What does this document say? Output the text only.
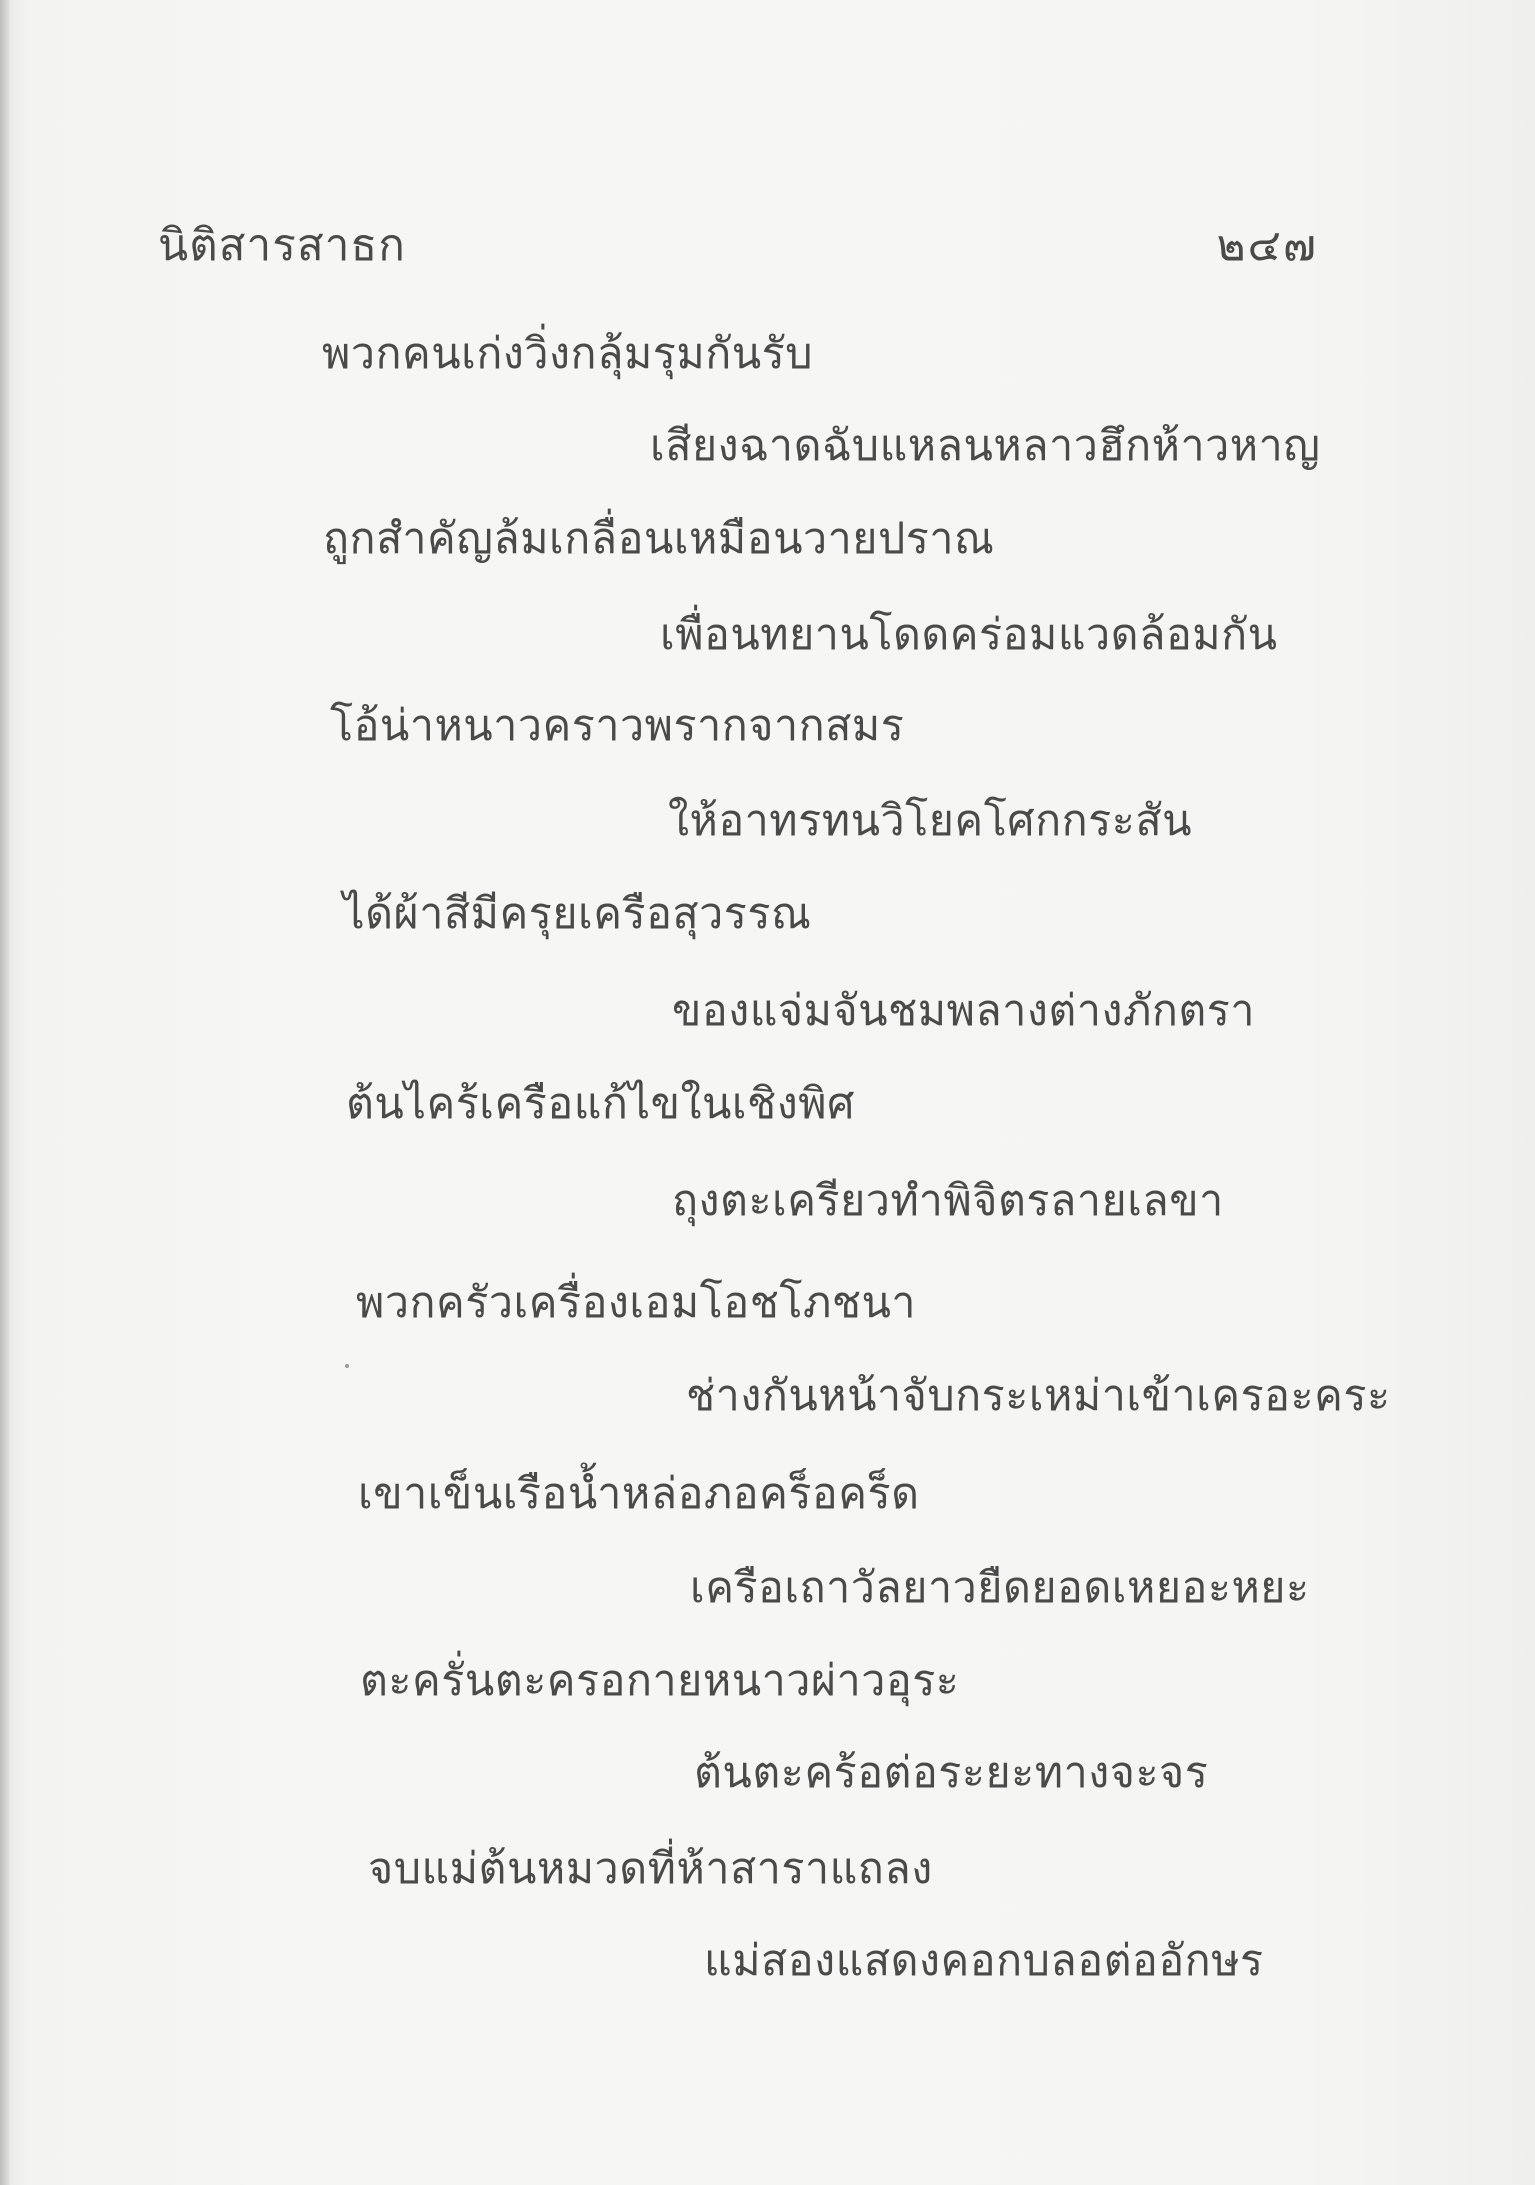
นิติสารสาธก	๒๔๗
พวกคนเก่งวิ่งกลุ้มรุมกันรับ
เสียงฉาดฉับแหลนหลาวฮึกห้าวหาญ
ถูกสำคัญล้มเกลื่อนเหมือนวายปราณ
เพื่อนทยานโดดคร่อมแวดล้อมกัน
โอ้น่าหนาวคราวพรากจากสมร
ให้อาทรทนวิโยคโศกกระสัน
ได้ผ้าสีมีครุยเครือสุวรรณ
ของแจ่มจันชมพลางต่างภักตรา
ต้นไคร้เครือแก้ไขในเชิงพิศ
ถุงตะเครียวทำพิจิตรลายเลขา
พวกครัวเครื่องเอมโอชโภชนา
ช่างกันหน้าจับกระเหม่าเข้าเครอะคระ
เขาเข็นเรือน้ำหล่อภอคร็อคร็ด
เครือเถาวัลยาวยืดยอดเหยอะหยะ
ตะครั่นตะครอกายหนาวผ่าวอุระ
ต้นตะคร้อต่อระยะทางจะจร
จบแม่ต้นหมวดที่ห้าสาราแถลง
แม่สองแสดงคอกบลอต่ออักษร
